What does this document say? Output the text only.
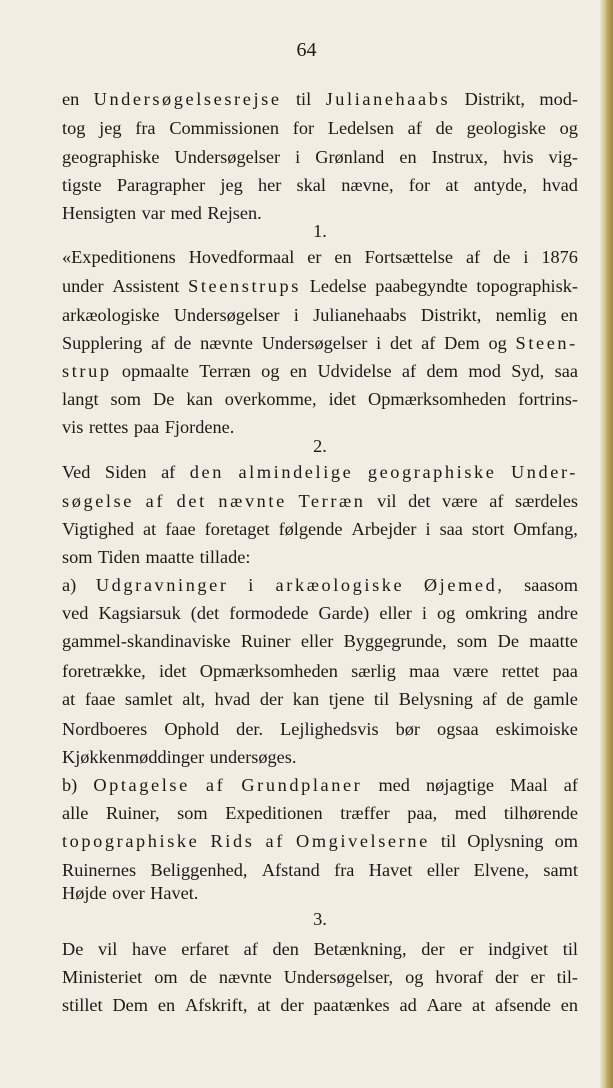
64
en Undersøgelsesrejse til Julianehaabs Distrikt, mod-
tog jeg fra Commissionen for Ledelsen af de geologiske og
geographiske Undersøgelser i Grønland en Instrux, hvis vig-
tigste Paragrapher jeg her skal nævne, for at antyde, hvad
Hensigten var med Rejsen.
1.
«Expeditionens Hovedformaal er en Fortsættelse af de i 1876
under Assistent Steenstrups Ledelse paabegyndte topographisk-
arkæologiske Undersøgelser i Julianehaabs Distrikt, nemlig en
Supplering af de nævnte Undersøgelser i det af Dem og Steen-
strup opmaalte Terræn og en Udvidelse af dem mod Syd, saa
langt som De kan overkomme, idet Opmærksomheden fortrins-
vis rettes paa Fjordene.
2.
Ved Siden af den almindelige geographiske Under-
søgelse af det nævnte Terræn vil det være af særdeles
Vigtighed at faae foretaget følgende Arbejder i saa stort Omfang,
som Tiden maatte tillade:
a) Udgravninger i arkæologiske Øjemed, saasom
ved Kagsiarsuk (det formodede Garde) eller i og omkring andre
gammel-skandinaviske Ruiner eller Byggegrunde, som De maatte
foretrække, idet Opmærksomheden særlig maa være rettet paa
at faae samlet alt, hvad der kan tjene til Belysning af de gamle
Nordboeres Ophold der. Lejlighedsvis bør ogsaa eskimoiske
Kjøkkenmøddinger undersøges.
b) Optagelse af Grundplaner med nøjagtige Maal af
alle Ruiner, som Expeditionen træffer paa, med tilhørende
topographiske Rids af Omgivelserne til Oplysning om
Ruinernes Beliggenhed, Afstand fra Havet eller Elvene, samt
Højde over Havet.
3.
De vil have erfaret af den Betænkning, der er indgivet til
Ministeriet om de nævnte Undersøgelser, og hvoraf der er til-
stillet Dem en Afskrift, at der paatænkes ad Aare at afsende en
